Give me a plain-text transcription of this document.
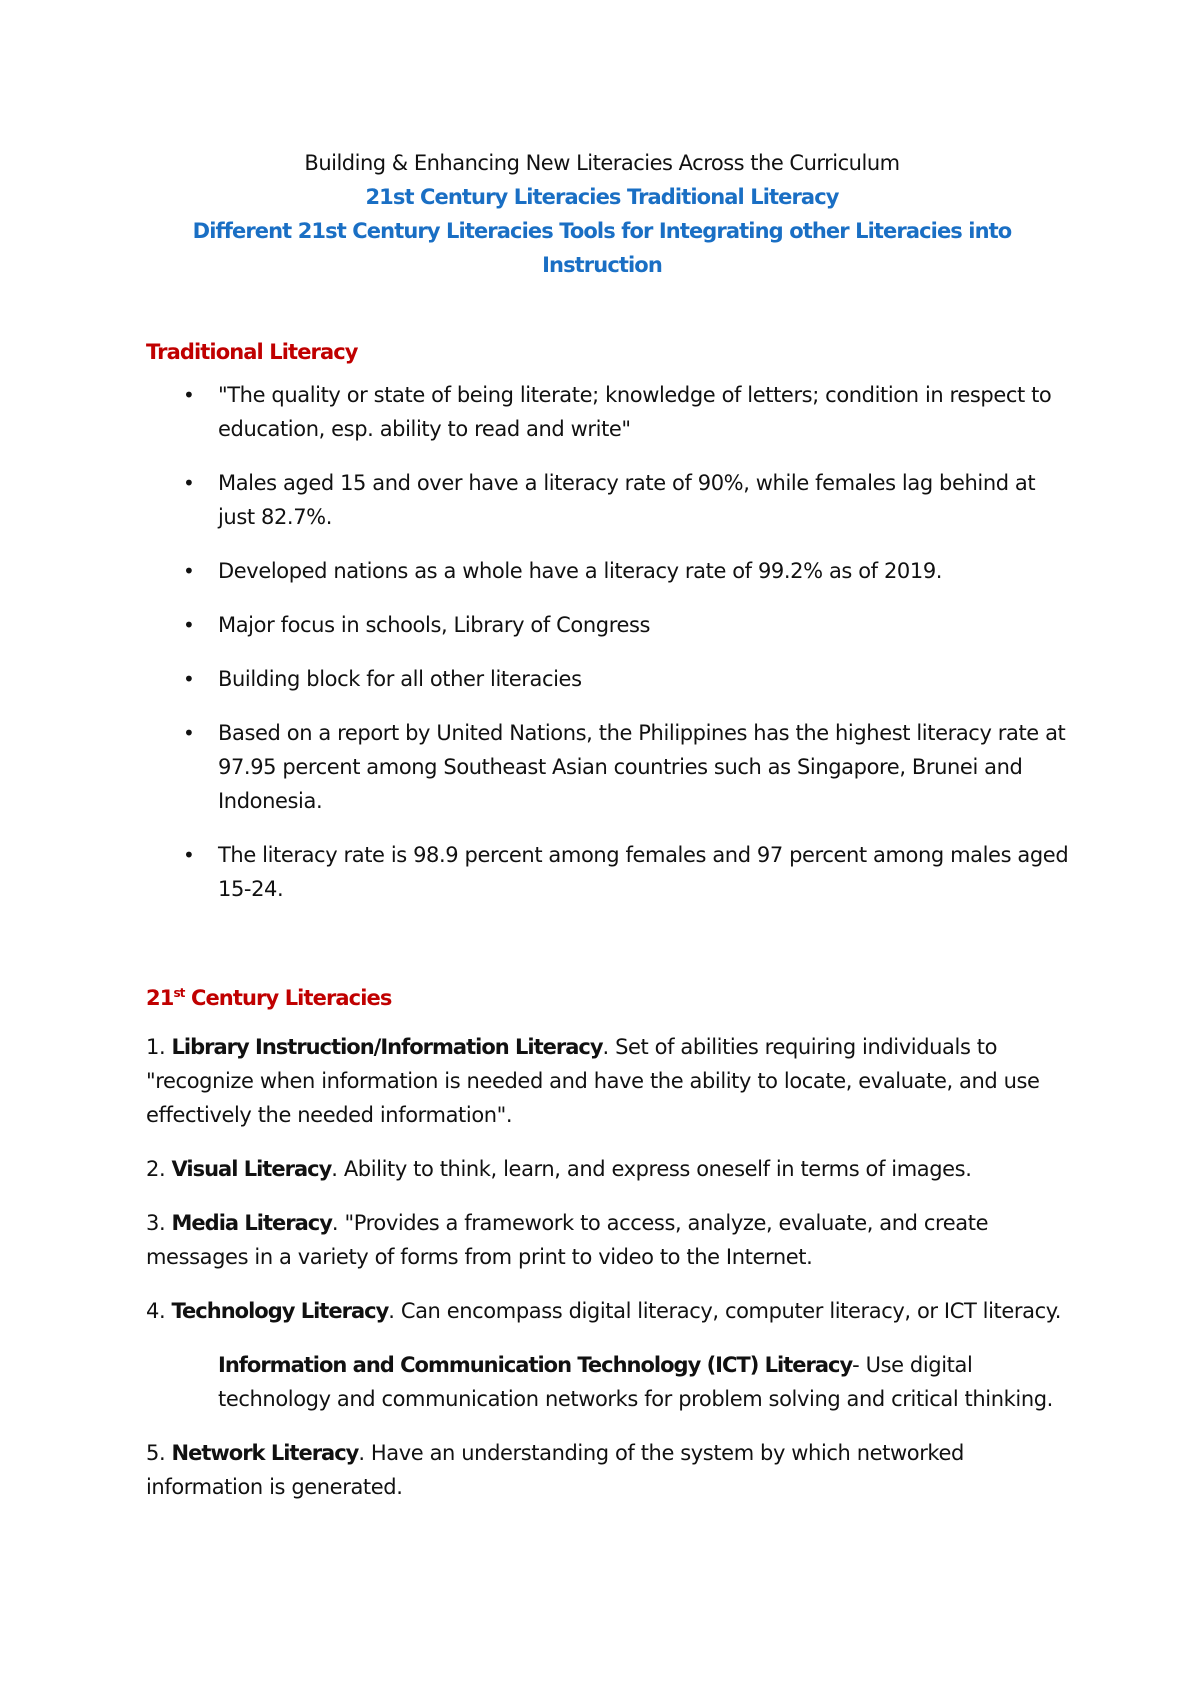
Building & Enhancing New Literacies Across the Curriculum

21st Century Literacies Traditional Literacy

Different 21st Century Literacies Tools for Integrating other Literacies into Instruction

Traditional Literacy
• "The quality or state of being literate; knowledge of letters; condition in respect to education, esp. ability to read and write"
• Males aged 15 and over have a literacy rate of 90%, while females lag behind at just 82.7%.
• Developed nations as a whole have a literacy rate of 99.2% as of 2019.
• Major focus in schools, Library of Congress
• Building block for all other literacies
• Based on a report by United Nations, the Philippines has the highest literacy rate at 97.95 percent among Southeast Asian countries such as Singapore, Brunei and Indonesia.
• The literacy rate is 98.9 percent among females and 97 percent among males aged 15-24.
21st Century Literacies
1. Library Instruction/Information Literacy. Set of abilities requiring individuals to "recognize when information is needed and have the ability to locate, evaluate, and use effectively the needed information".
2. Visual Literacy. Ability to think, learn, and express oneself in terms of images.
3. Media Literacy. "Provides a framework to access, analyze, evaluate, and create messages in a variety of forms from print to video to the Internet.
4. Technology Literacy. Can encompass digital literacy, computer literacy, or ICT literacy.

Information and Communication Technology (ICT) Literacy- Use digital technology and communication networks for problem solving and critical thinking.

5. Network Literacy. Have an understanding of the system by which networked information is generated.
